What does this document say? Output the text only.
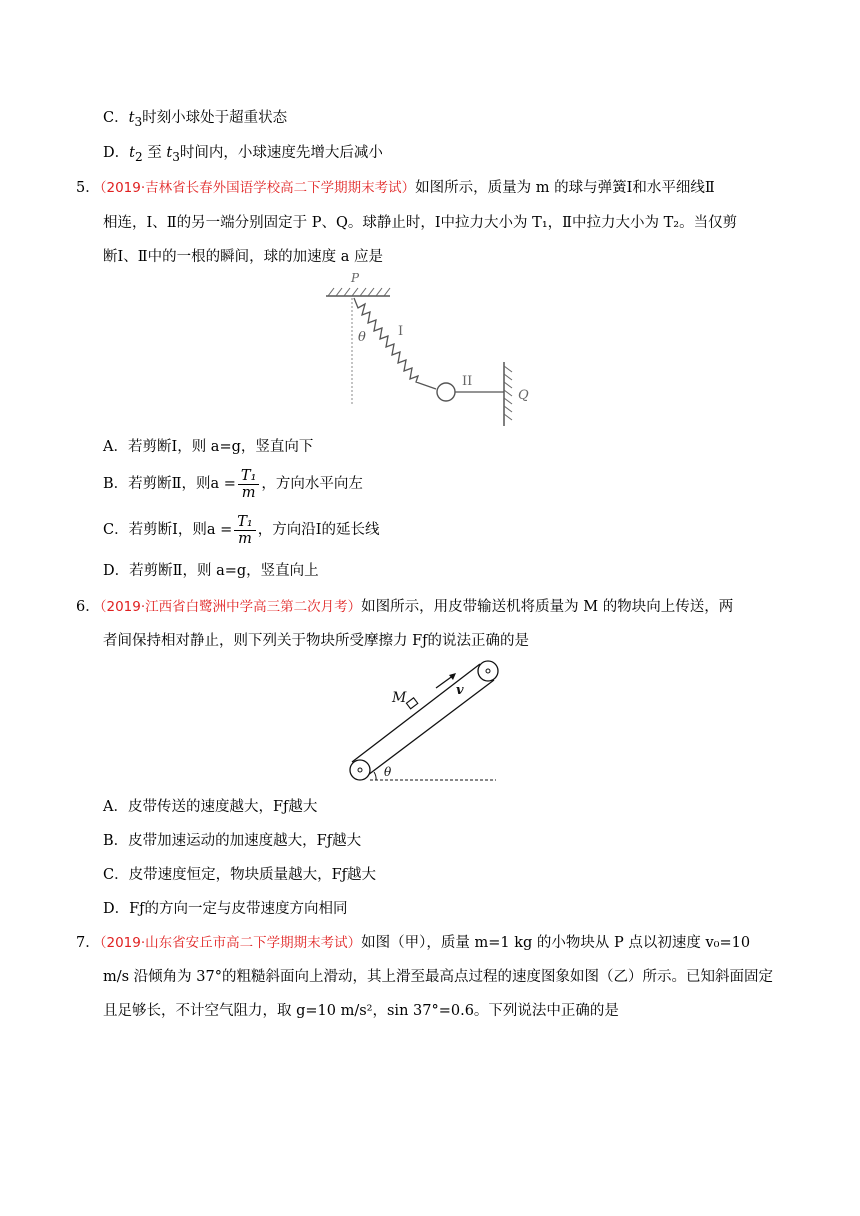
C．$t_3$时刻小球处于超重状态
D．$t_2$ 至 $t_3$时间内，小球速度先增大后减小
5．（2019·吉林省长春外国语学校高二下学期期末考试）如图所示，质量为 m 的球与弹簧Ⅰ和水平细线Ⅱ
相连，Ⅰ、Ⅱ的另一端分别固定于 P、Q。球静止时，Ⅰ中拉力大小为 T₁，Ⅱ中拉力大小为 T₂。当仅剪
断Ⅰ、Ⅱ中的一根的瞬间，球的加速度 a 应是
P
θ I
II
Q
A．若剪断Ⅰ，则 a=g，竖直向下
B．若剪断Ⅱ，则$a = \frac{\text{T₁}}{m}$ ，方向水平向左
C．若剪断Ⅰ，则$a = \frac{\text{T₁}}{m}$ ，方向沿Ⅰ的延长线
D．若剪断Ⅱ，则 a=g，竖直向上
6．（2019·江西省白鹭洲中学高三第二次月考）如图所示，用皮带输送机将质量为 M 的物块向上传送，两
者间保持相对静止，则下列关于物块所受摩擦力 Fƒ的说法正确的是
M	v
θ
A．皮带传送的速度越大，Fƒ越大
B．皮带加速运动的加速度越大，Fƒ越大
C．皮带速度恒定，物块质量越大，Fƒ越大
D．Fƒ的方向一定与皮带速度方向相同
7．（2019·山东省安丘市高二下学期期末考试）如图（甲），质量 m=1 kg 的小物块从 P 点以初速度 v₀=10
m/s 沿倾角为 37°的粗糙斜面向上滑动，其上滑至最高点过程的速度图象如图（乙）所示。已知斜面固定
且足够长，不计空气阻力，取 g=10 m/s²，sin 37°=0.6。下列说法中正确的是
